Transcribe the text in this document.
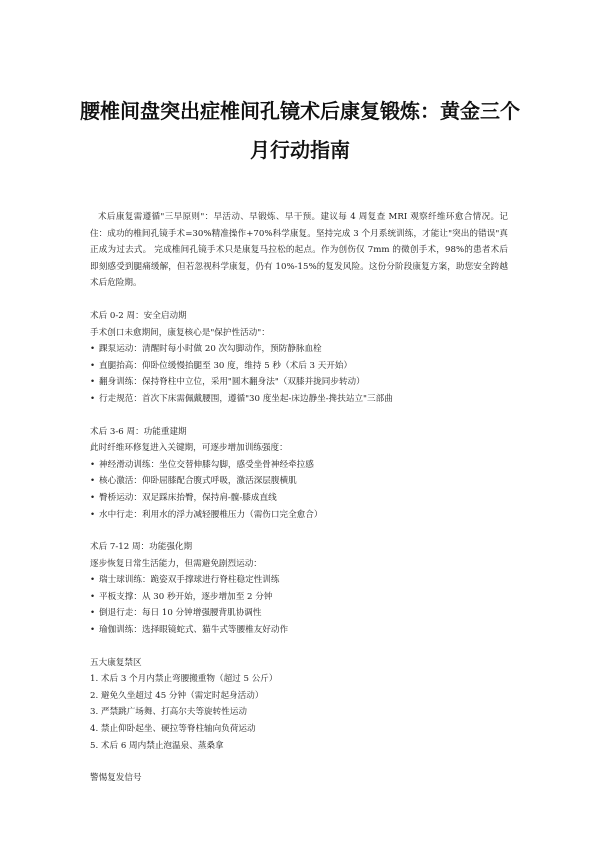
腰椎间盘突出症椎间孔镜术后康复锻炼：黄金三个月行动指南

术后康复需遵循"三早原则"：早活动、早锻炼、早干预。建议每 4 周复查 MRI 观察纤维环愈合情况。记住：成功的椎间孔镜手术=30%精准操作+70%科学康复。坚持完成 3 个月系统训练，才能让"突出的错误"真正成为过去式。 完成椎间孔镜手术只是康复马拉松的起点。作为创伤仅 7mm 的微创手术，98%的患者术后即刻感受到腿痛缓解，但若忽视科学康复，仍有 10%-15%的复发风险。这份分阶段康复方案，助您安全跨越术后危险期。

术后 0-2 周：安全启动期
手术创口未愈期间，康复核心是"保护性活动"：
• 踝泵运动：清醒时每小时做 20 次勾脚动作，预防静脉血栓
• 直腿抬高：仰卧位缓慢抬腿至 30 度，维持 5 秒（术后 3 天开始）
• 翻身训练：保持脊柱中立位，采用"圆木翻身法"（双膝并拢同步转动）
• 行走规范：首次下床需佩戴腰围，遵循"30 度坐起-床边静坐-搀扶站立"三部曲
术后 3-6 周：功能重建期
此时纤维环修复进入关键期，可逐步增加训练强度：
• 神经滑动训练：坐位交替伸膝勾脚，感受坐骨神经牵拉感
• 核心激活：仰卧屈膝配合腹式呼吸，激活深层腹横肌
• 臀桥运动：双足踩床抬臀，保持肩-髋-膝成直线
• 水中行走：利用水的浮力减轻腰椎压力（需伤口完全愈合）
术后 7-12 周：功能强化期
逐步恢复日常生活能力，但需避免剧烈运动：
• 瑞士球训练：跪姿双手撑球进行脊柱稳定性训练
• 平板支撑：从 30 秒开始，逐步增加至 2 分钟
• 倒退行走：每日 10 分钟增强腰背肌协调性
• 瑜伽训练：选择眼镜蛇式、猫牛式等腰椎友好动作
五大康复禁区
1. 术后 3 个月内禁止弯腰搬重物（超过 5 公斤）
2. 避免久坐超过 45 分钟（需定时起身活动）
3. 严禁跳广场舞、打高尔夫等旋转性运动
4. 禁止仰卧起坐、硬拉等脊柱轴向负荷运动
5. 术后 6 周内禁止泡温泉、蒸桑拿
警惕复发信号
